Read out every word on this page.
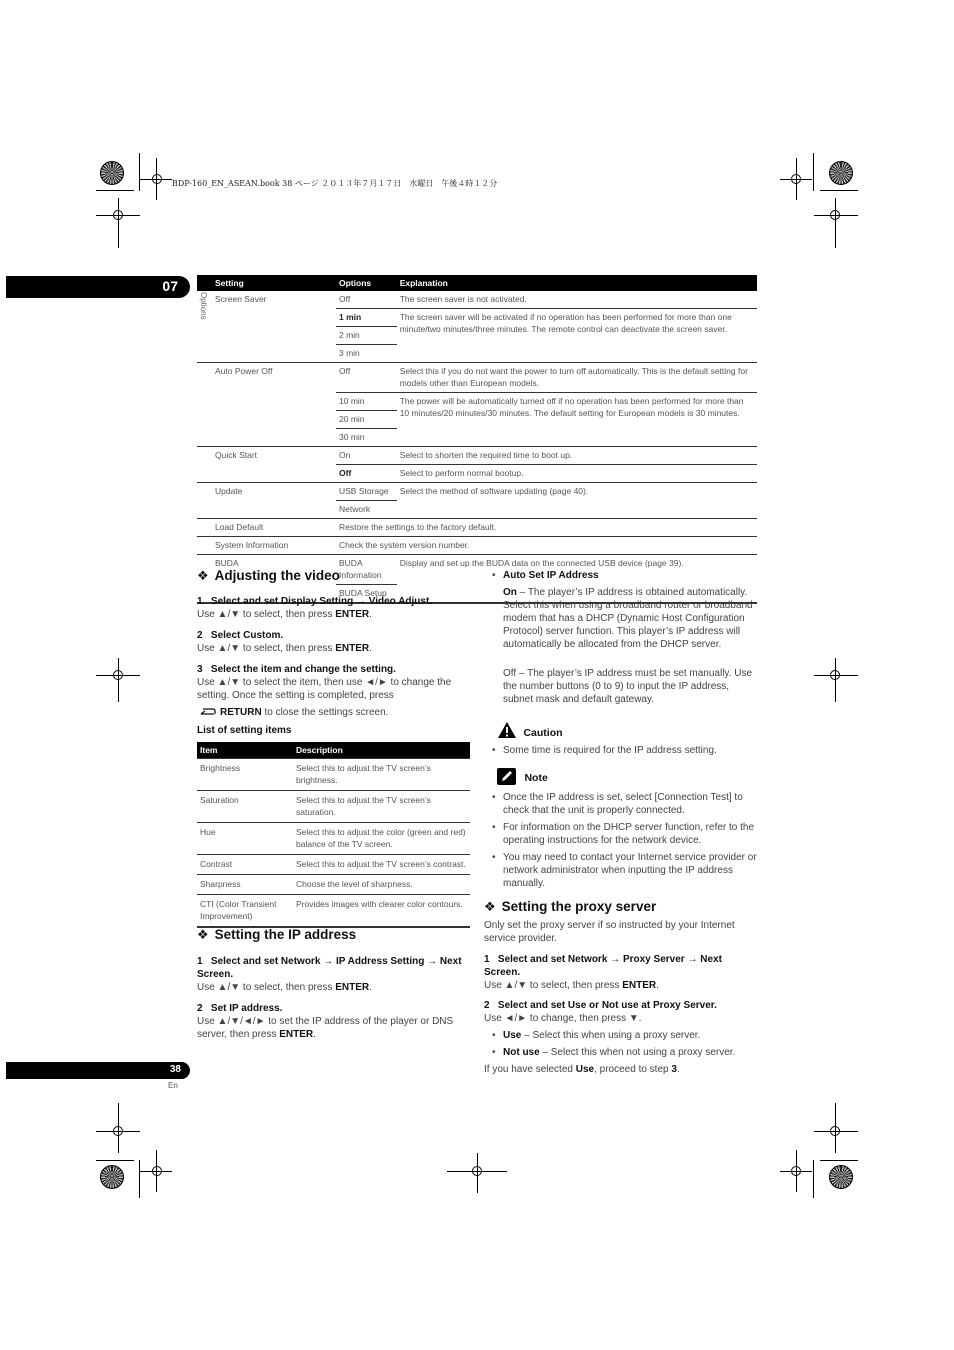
BDP-160_EN_ASEAN.book 38 ページ ２０１３年７月１７日　水曜日　午後４時１２分
07
Options
Setting	Options	Explanation
Screen Saver	Off	The screen saver is not activated.
	1 min	The screen saver will be activated if no operation has been performed for more than one minute/two minutes/three minutes. The remote control can deactivate the screen saver.
	2 min	
	3 min	
Auto Power Off	Off	Select this if you do not want the power to turn off automatically. This is the default setting for models other than European models.
	10 min	The power will be automatically turned off if no operation has been performed for more than 10 minutes/20 minutes/30 minutes. The default setting for European models is 30 minutes.
	20 min	
	30 min	
Quick Start	On	Select to shorten the required time to boot up.
	Off	Select to perform normal bootup.
Update	USB Storage	Select the method of software updating (page 40).
	Network	
Load Default	Restore the settings to the factory default.	
System Information	Check the system version number.	
BUDA	BUDA Information	Display and set up the BUDA data on the connected USB device (page 39).
	BUDA Setup	
❖ Adjusting the video
1 Select and set Display Setting → Video Adjust.
Use ▲/▼ to select, then press ENTER.
2 Select Custom.
Use ▲/▼ to select, then press ENTER.
3 Select the item and change the setting.
Use ▲/▼ to select the item, then use ◄/► to change the setting. Once the setting is completed, press
RETURN to close the settings screen.
List of setting items
Item	Description
Brightness	Select this to adjust the TV screen’s brightness.
Saturation	Select this to adjust the TV screen’s saturation.
Hue	Select this to adjust the color (green and red) balance of the TV screen.
Contrast	Select this to adjust the TV screen’s contrast.
Sharpness	Choose the level of sharpness.
CTI (Color Transient Improvement)	Provides images with clearer color contours.
❖ Setting the IP address
1 Select and set Network → IP Address Setting → Next Screen.
Use ▲/▼ to select, then press ENTER.
2 Set IP address.
Use ▲/▼/◄/► to set the IP address of the player or DNS server, then press ENTER.
• Auto Set IP Address
On – The player’s IP address is obtained automatically. Select this when using a broadband router or broadband modem that has a DHCP (Dynamic Host Configuration Protocol) server function. This player’s IP address will automatically be allocated from the DHCP server.
Off – The player’s IP address must be set manually. Use the number buttons (0 to 9) to input the IP address, subnet mask and default gateway.
Caution
• Some time is required for the IP address setting.
Note
• Once the IP address is set, select [Connection Test] to check that the unit is properly connected.
• For information on the DHCP server function, refer to the operating instructions for the network device.
• You may need to contact your Internet service provider or network administrator when inputting the IP address manually.
❖ Setting the proxy server
Only set the proxy server if so instructed by your Internet service provider.
1 Select and set Network → Proxy Server → Next Screen.
Use ▲/▼ to select, then press ENTER.
2 Select and set Use or Not use at Proxy Server.
Use ◄/► to change, then press ▼.
• Use – Select this when using a proxy server.
• Not use – Select this when not using a proxy server.
If you have selected Use, proceed to step 3.
38
En
